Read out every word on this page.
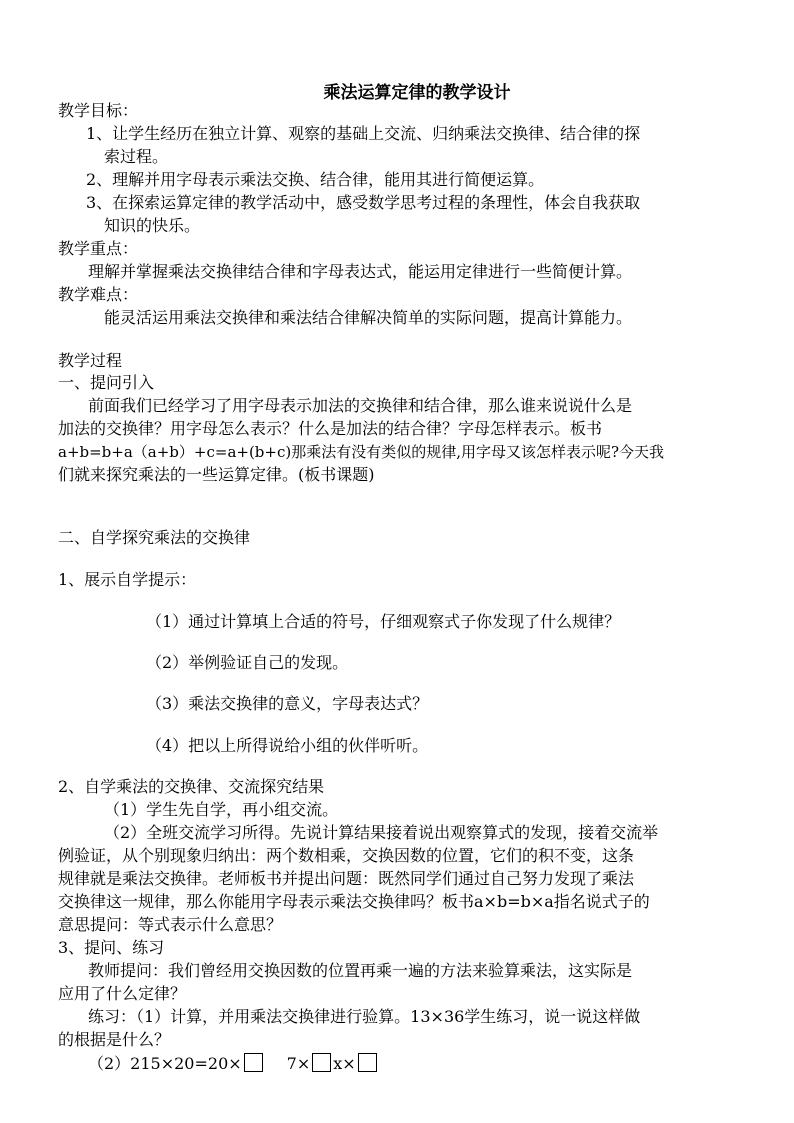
乘法运算定律的教学设计
教学目标：
1、让学生经历在独立计算、观察的基础上交流、归纳乘法交换律、结合律的探
索过程。
2、理解并用字母表示乘法交换、结合律，能用其进行简便运算。
3、在探索运算定律的教学活动中，感受数学思考过程的条理性，体会自我获取
知识的快乐。
教学重点：
理解并掌握乘法交换律结合律和字母表达式，能运用定律进行一些简便计算。
教学难点：
能灵活运用乘法交换律和乘法结合律解决简单的实际问题，提高计算能力。
教学过程
一、提问引入
前面我们已经学习了用字母表示加法的交换律和结合律，那么谁来说说什么是
加法的交换律？用字母怎么表示？什么是加法的结合律？字母怎样表示。板书
a+b=b+a（a+b）+c=a+(b+c)那乘法有没有类似的规律,用字母又该怎样表示呢?今天我
们就来探究乘法的一些运算定律。(板书课题)
二、自学探究乘法的交换律
1、展示自学提示：
（1）通过计算填上合适的符号，仔细观察式子你发现了什么规律？
（2）举例验证自己的发现。
（3）乘法交换律的意义，字母表达式？
（4）把以上所得说给小组的伙伴听听。
2、自学乘法的交换律、交流探究结果
（1）学生先自学，再小组交流。
（2）全班交流学习所得。先说计算结果接着说出观察算式的发现，接着交流举
例验证，从个别现象归纳出：两个数相乘，交换因数的位置，它们的积不变，这条
规律就是乘法交换律。老师板书并提出问题：既然同学们通过自己努力发现了乘法
交换律这一规律，那么你能用字母表示乘法交换律吗？板书a×b=b×a指名说式子的
意思提问：等式表示什么意思？
3、提问、练习
教师提问：我们曾经用交换因数的位置再乘一遍的方法来验算乘法，这实际是
应用了什么定律？
练习：（1）计算，并用乘法交换律进行验算。13×36学生练习，说一说这样做
的根据是什么？
（2）215×20=20×	7× x×
